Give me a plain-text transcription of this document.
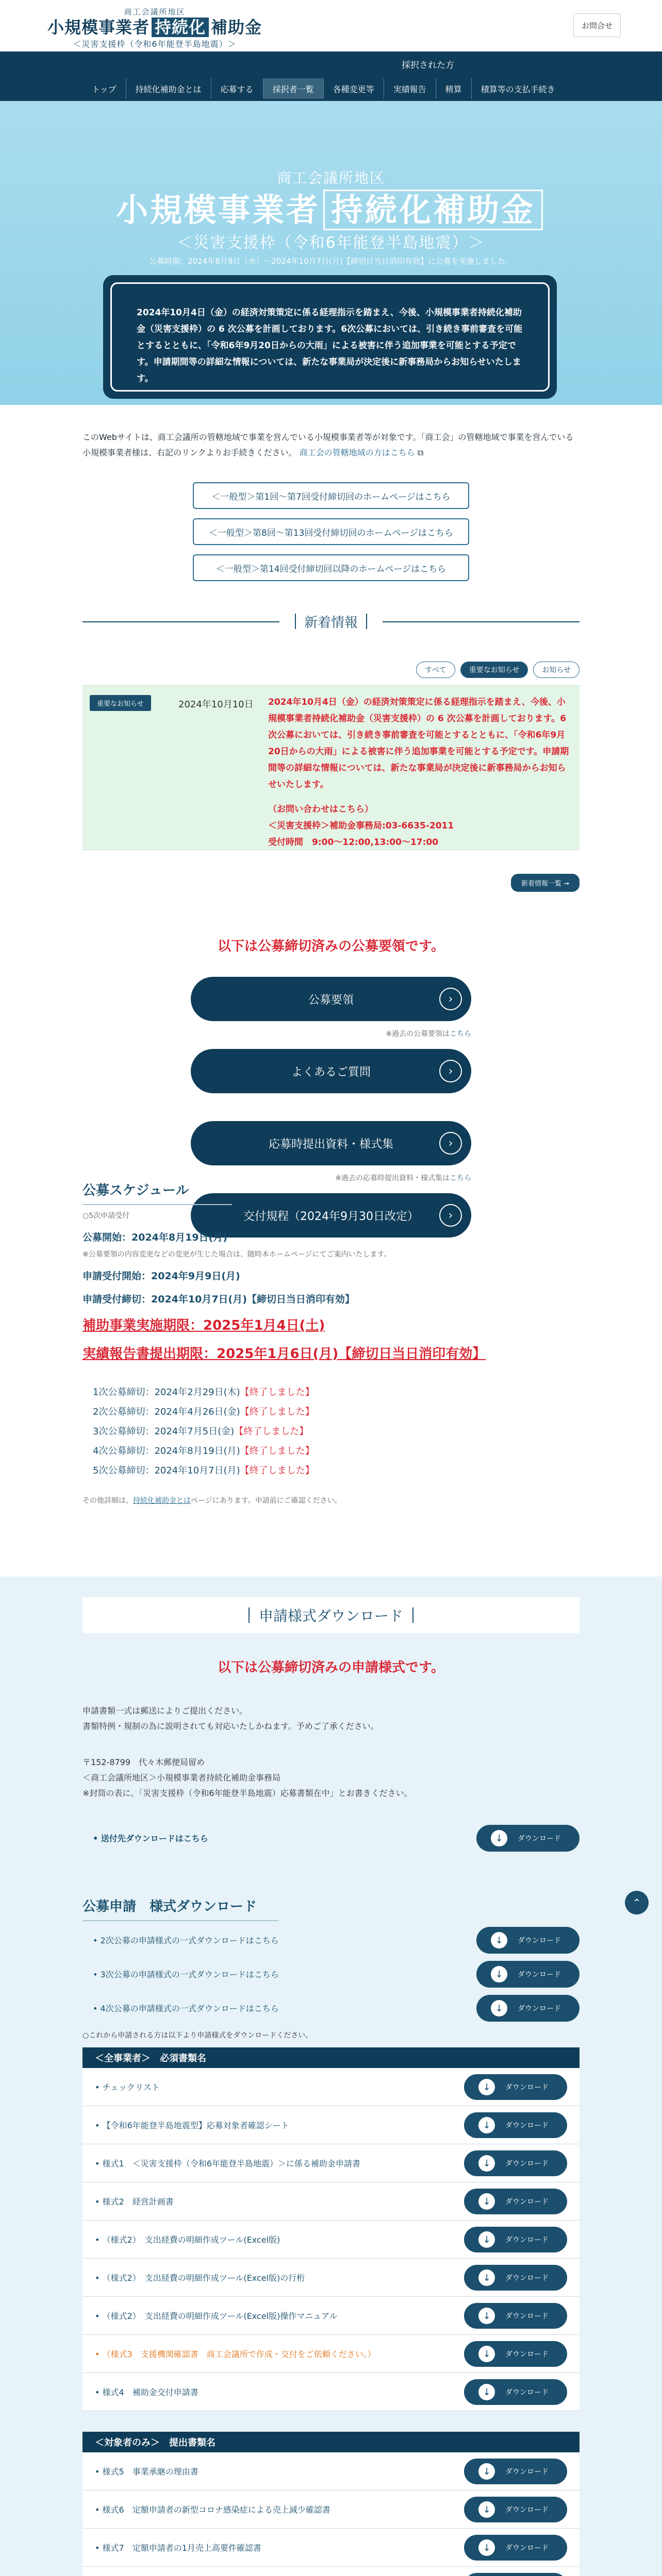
商工会議所地区
小規模事業者 持続化 補助金
＜災害支援枠（令和6年能登半島地震）＞
お問合せ
採択された方
トップ	持続化補助金とは	応募する	採択者一覧	各種変更等	実績報告	精算	積算等の支払手続き
商工会議所地区
小規模事業者 持続化補助金
＜災害支援枠（令和6年能登半島地震）＞
公募時期：2024年8月9日（水）〜2024年10月7日(月)【締切日当日消印有効】に公募を実施しました。
2024年10月4日（金）の経済対策策定に係る経理指示を踏まえ、今後、小規模事業者持続化補助金（災害支援枠）の 6 次公募を計画しております。6次公募においては、引き続き事前審査を可能とするとともに、「令和6年9月20日からの大雨」による被害に伴う追加事業を可能とする予定です。申請期間等の詳細な情報については、新たな事業局が決定後に新事務局からお知らせいたします。
このWebサイトは、商工会議所の管轄地域で事業を営んでいる小規模事業者等が対象です。「商工会」の管轄地域で事業を営んでいる小規模事業者様は、右記のリンクよりお手続きください。 商工会の管轄地域の方はこちら ⧉
＜一般型＞第1回〜第7回受付締切回のホームページはこちら
＜一般型＞第8回〜第13回受付締切回のホームページはこちら
＜一般型＞第14回受付締切回以降のホームページはこちら
新着情報
すべて	重要なお知らせ	お知らせ
重要なお知らせ	2024年10月10日 2024年10月4日（金）の経済対策策定に係る経理指示を踏まえ、今後、小規模事業者持続化補助金（災害支援枠）の 6 次公募を計画しております。6次公募においては、引き続き事前審査を可能とするとともに、「令和6年9月20日からの大雨」による被害に伴う追加事業を可能とする予定です。申請期間等の詳細な情報については、新たな事業局が決定後に新事務局からお知らせいたします。
（お問い合わせはこちら）
＜災害支援枠＞補助金事務局:03-6635-2011
受付時間　9:00〜12:00,13:00〜17:00
新着情報一覧 →
以下は公募締切済みの公募要領です。
公募要領	›
※過去の公募要領はこちら
よくあるご質問	›
応募時提出資料・様式集	›
※過去の応募時提出資料・様式集はこちら
交付規程（2024年9月30日改定）	›
公募スケジュール
○5次申請受付
公募開始：2024年8月19日(月)
※公募要領の内容変更などの変更が生じた場合は、随時本ホームページにてご案内いたします。
申請受付開始：2024年9月9日(月)
申請受付締切：2024年10月7日(月)【締切日当日消印有効】
補助事業実施期限：2025年1月4日(土)
実績報告書提出期限：2025年1月6日(月)【締切日当日消印有効】
1次公募締切：2024年2月29日(木)【終了しました】
2次公募締切：2024年4月26日(金)【終了しました】
3次公募締切：2024年7月5日(金)【終了しました】
4次公募締切：2024年8月19日(月)【終了しました】
5次公募締切：2024年10月7日(月)【終了しました】
その他詳細は、持続化補助金とはページにあります。申請前にご確認ください。
申請様式ダウンロード
以下は公募締切済みの申請様式です。
申請書類一式は郵送によりご提出ください。
書類特例・規制の為に説明されても対応いたしかねます。予めご了承ください。
〒152-8799　代々木郵便局留め
＜商工会議所地区＞小規模事業者持続化補助金事務局
※封筒の表に、「災害支援枠（令和6年能登半島地震）応募書類在中」とお書きください。
• 送付先ダウンロードはこちら	↓	ダウンロード
公募申請　様式ダウンロード
• 2次公募の申請様式の一式ダウンロードはこちら	↓	ダウンロード
• 3次公募の申請様式の一式ダウンロードはこちら	↓	ダウンロード
• 4次公募の申請様式の一式ダウンロードはこちら	↓	ダウンロード
○これから申請される方は以下より申請様式をダウンロードください。
＜全事業者＞　必須書類名
• チェックリスト	↓	ダウンロード
• 【令和6年能登半島地震型】応募対象者確認シート	↓	ダウンロード
• 様式1　＜災害支援枠（令和6年能登半島地震）＞に係る補助金申請書	↓	ダウンロード
• 様式2　経営計画書	↓	ダウンロード
• （様式2）　支出経費の明細作成ツール(Excel版)	↓	ダウンロード
• （様式2）　支出経費の明細作成ツール(Excel版)の行桁	↓	ダウンロード
• （様式2）　支出経費の明細作成ツール(Excel版)操作マニュアル	↓	ダウンロード
• （様式3　支援機関確認書　商工会議所で作成・交付をご依頼ください。）	↓	ダウンロード
• 様式4　補助金交付申請書	↓	ダウンロード
＜対象者のみ＞　提出書類名
• 様式5　事業承継の理由書	↓	ダウンロード
• 様式6　定額申請者の新型コロナ感染症による売上減少確認書	↓	ダウンロード
• 様式7　定額申請者の1月売上高要件確認書	↓	ダウンロード
⌃
